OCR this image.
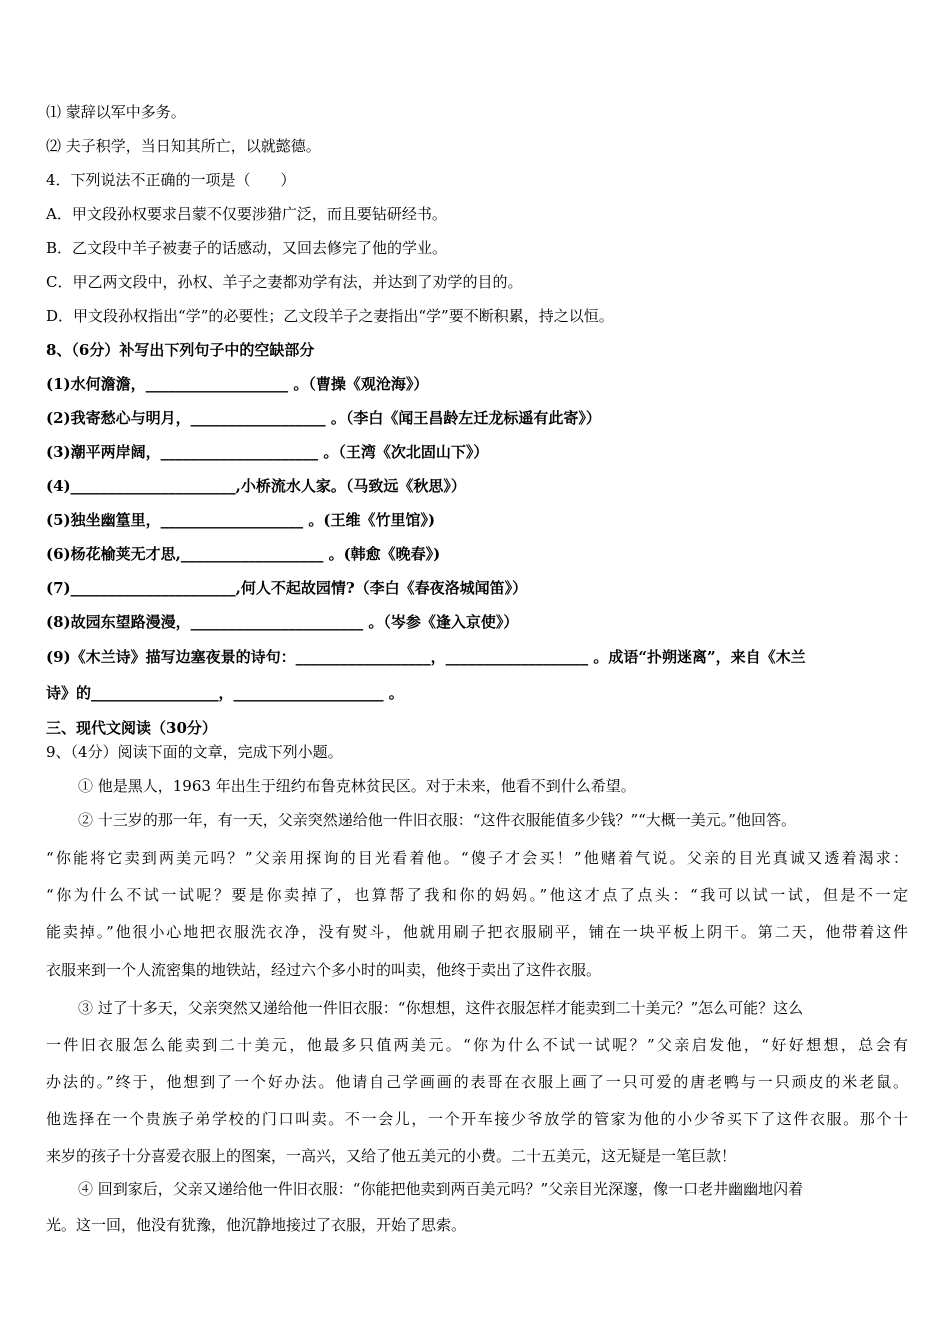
⑴ 蒙辞以军中多务。
⑵ 夫子积学，当日知其所亡，以就懿德。
4．下列说法不正确的一项是（　　）
A．甲文段孙权要求吕蒙不仅要涉猎广泛，而且要钻研经书。
B．乙文段中羊子被妻子的话感动，又回去修完了他的学业。
C．甲乙两文段中，孙权、羊子之妻都劝学有法，并达到了劝学的目的。
D．甲文段孙权指出“学”的必要性；乙文段羊子之妻指出“学”要不断积累，持之以恒。
8、（6分）补写出下列句子中的空缺部分
(1)水何澹澹，___________________ 。（曹操《观沧海》）
(2)我寄愁心与明月，__________________ 。（李白《闻王昌龄左迁龙标遥有此寄》）
(3)潮平两岸阔，_____________________ 。（王湾《次北固山下》）
(4)______________________,小桥流水人家。（马致远《秋思》）
(5)独坐幽篁里，___________________ 。(王维《竹里馆》)
(6)杨花榆荚无才思,___________________ 。(韩愈《晚春》)
(7)______________________,何人不起故园情?（李白《春夜洛城闻笛》）
(8)故园东望路漫漫，_______________________ 。（岑参《逢入京使》）
(9)《木兰诗》描写边塞夜景的诗句：__________________，___________________ 。成语“扑朔迷离”，来自《木兰
诗》的_________________，____________________ 。
三、现代文阅读（30分）
9、（4分）阅读下面的文章，完成下列小题。
① 他是黑人，1963 年出生于纽约布鲁克林贫民区。对于未来，他看不到什么希望。
② 十三岁的那一年，有一天，父亲突然递给他一件旧衣服：“这件衣服能值多少钱？”“大概一美元。”他回答。
“你能将它卖到两美元吗？”父亲用探询的目光看着他。“傻子才会买！”他赌着气说。父亲的目光真诚又透着渴求：
“你为什么不试一试呢？要是你卖掉了，也算帮了我和你的妈妈。”他这才点了点头：“我可以试一试，但是不一定
能卖掉。”他很小心地把衣服洗衣净，没有熨斗，他就用刷子把衣服刷平，铺在一块平板上阴干。第二天，他带着这件
衣服来到一个人流密集的地铁站，经过六个多小时的叫卖，他终于卖出了这件衣服。
③ 过了十多天，父亲突然又递给他一件旧衣服：“你想想，这件衣服怎样才能卖到二十美元？”怎么可能？这么
一件旧衣服怎么能卖到二十美元，他最多只值两美元。“你为什么不试一试呢？”父亲启发他，“好好想想，总会有
办法的。”终于，他想到了一个好办法。他请自己学画画的表哥在衣服上画了一只可爱的唐老鸭与一只顽皮的米老鼠。
他选择在一个贵族子弟学校的门口叫卖。不一会儿，一个开车接少爷放学的管家为他的小少爷买下了这件衣服。那个十
来岁的孩子十分喜爱衣服上的图案，一高兴，又给了他五美元的小费。二十五美元，这无疑是一笔巨款！
④ 回到家后，父亲又递给他一件旧衣服：“你能把他卖到两百美元吗？”父亲目光深邃，像一口老井幽幽地闪着
光。这一回，他没有犹豫，他沉静地接过了衣服，开始了思索。
